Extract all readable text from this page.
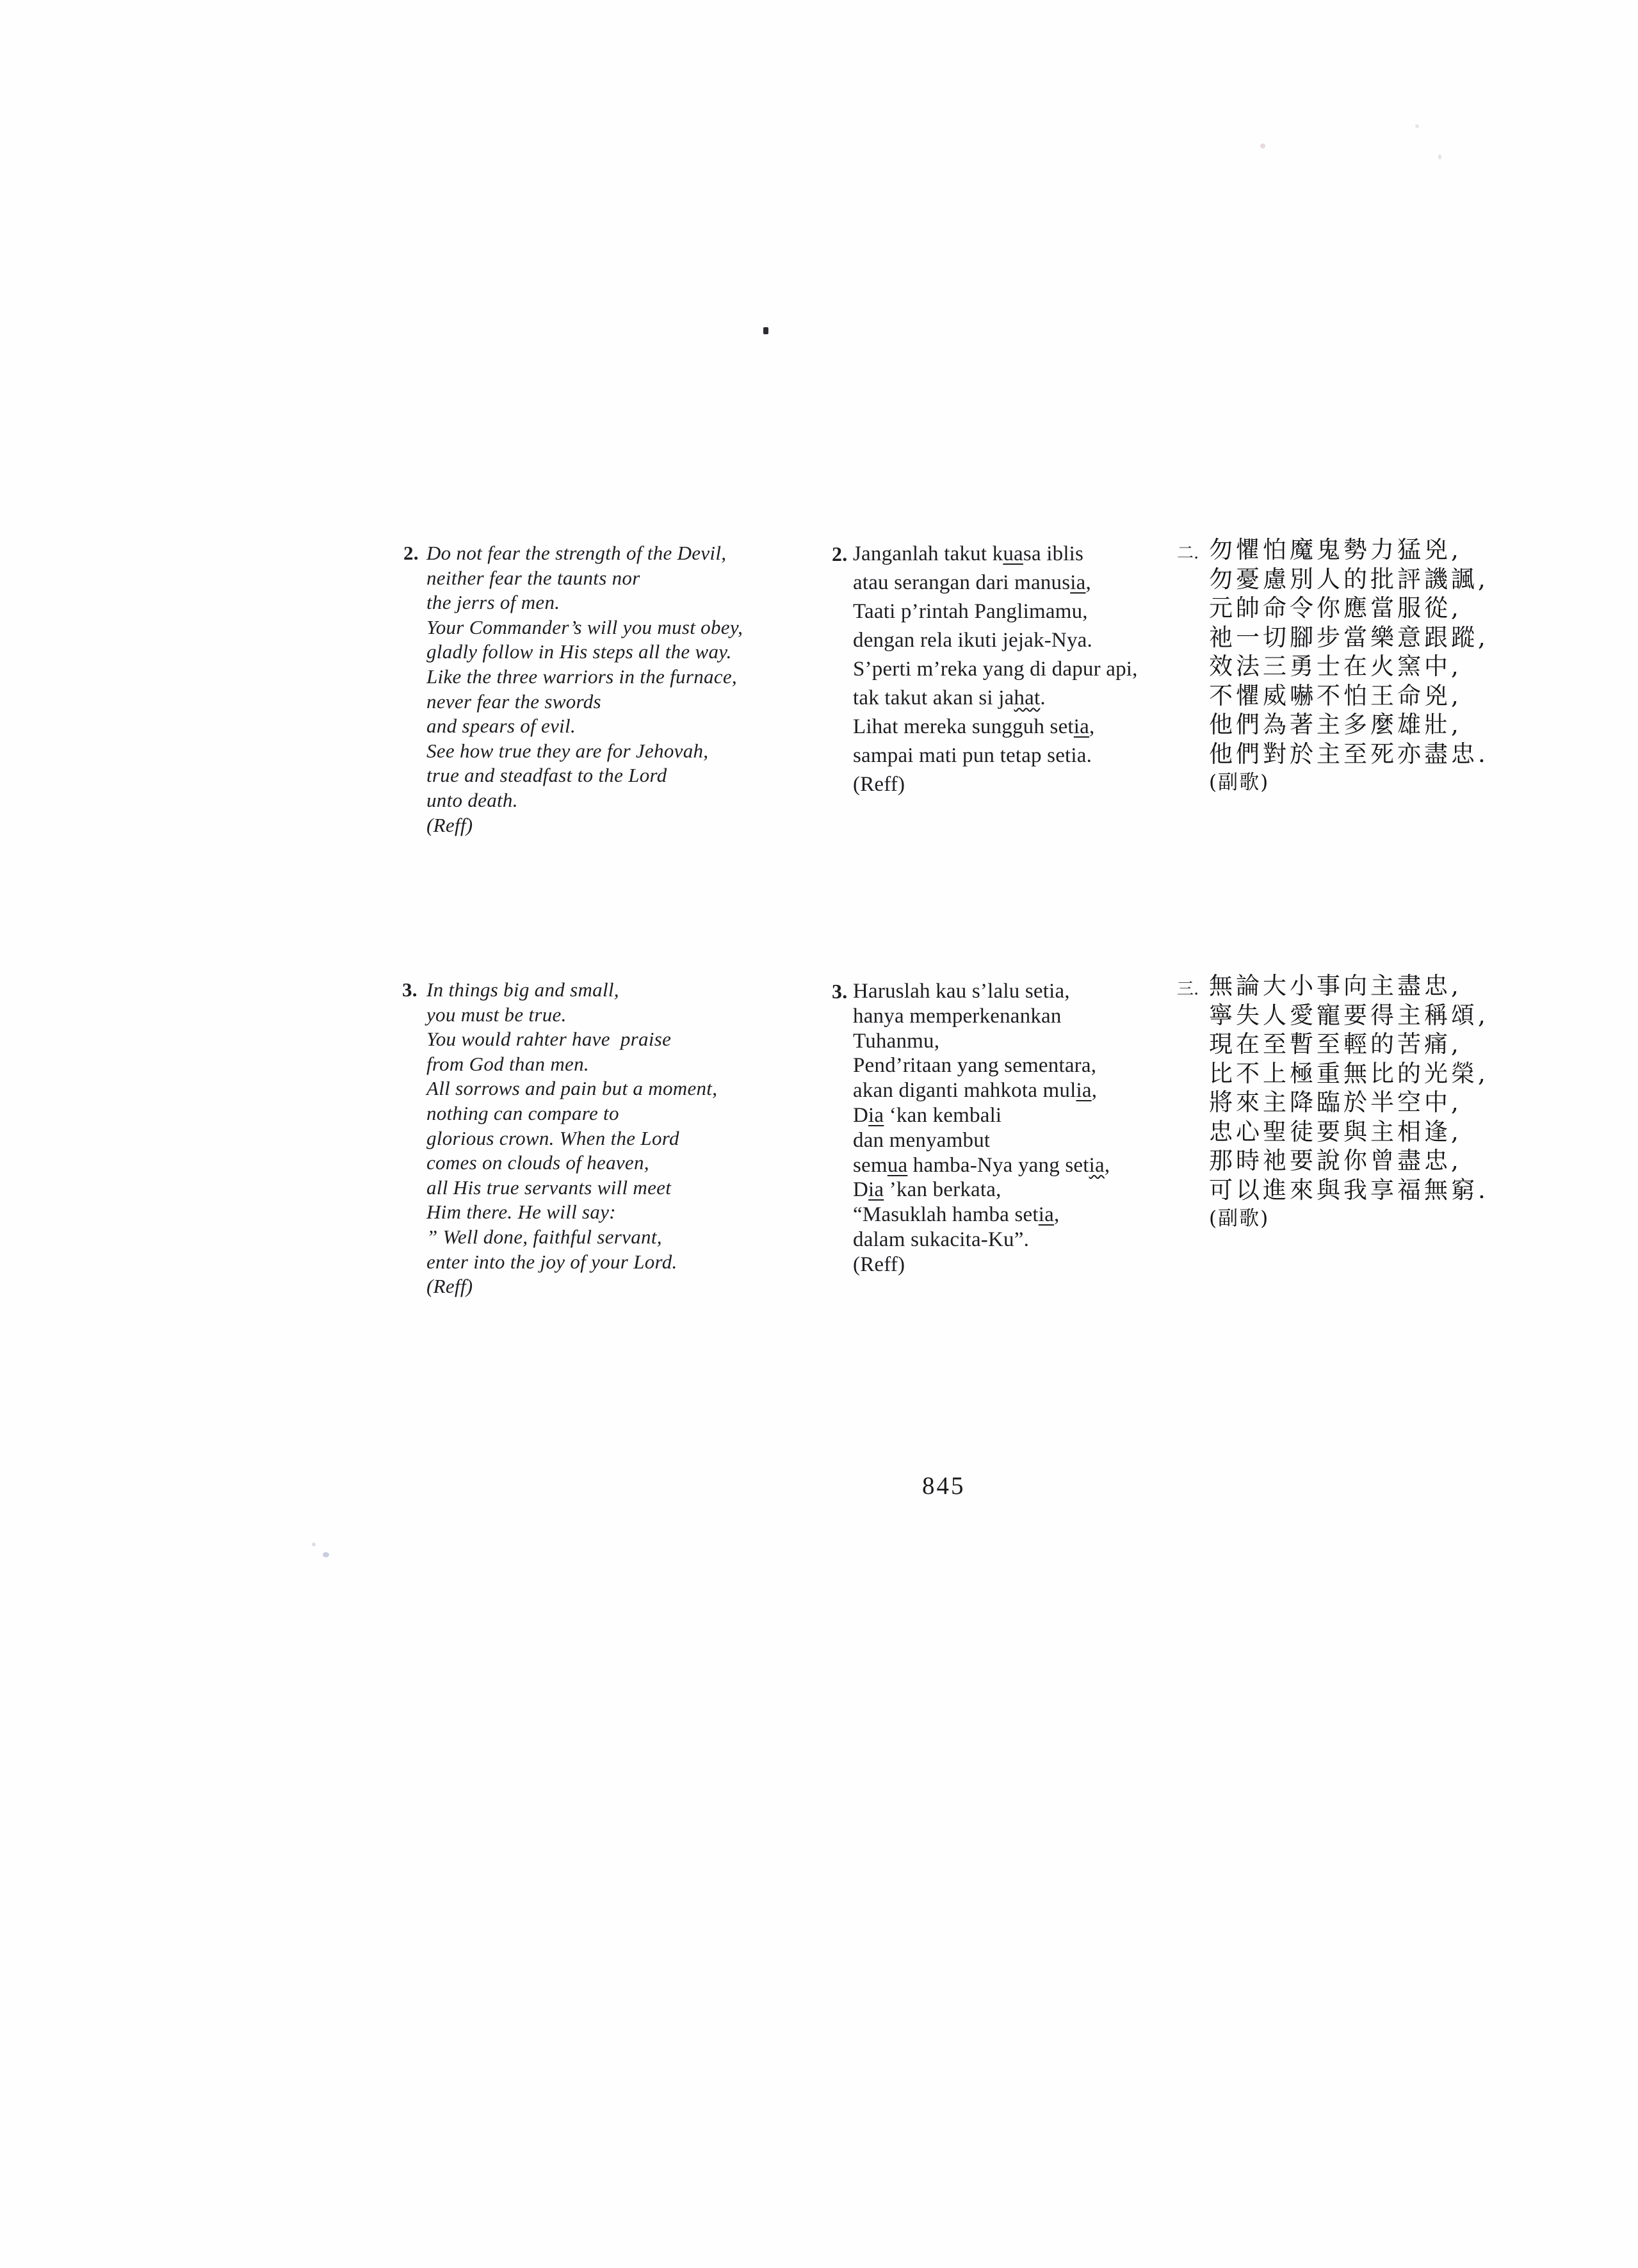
2. Do not fear the strength of the Devil,
neither fear the taunts nor
the jerrs of men.
Your Commander’s will you must obey,
gladly follow in His steps all the way.
Like the three warriors in the furnace,
never fear the swords
and spears of evil.
See how true they are for Jehovah,
true and steadfast to the Lord
unto death.
(Reff)
2. Janganlah takut kuasa iblis
atau serangan dari manusia,
Taati p’rintah Panglimamu,
dengan rela ikuti jejak-Nya.
S’perti m’reka yang di dapur api,
tak takut akan si jahat.
Lihat mereka sungguh setia,
sampai mati pun tetap setia.
(Reff)
二. 勿懼怕魔鬼勢力猛兇,
勿憂慮別人的批評譏諷,
元帥命令你應當服從,
祂一切腳步當樂意跟蹤,
效法三勇士在火窯中,
不懼威嚇不怕王命兇,
他們為著主多麼雄壯,
他們對於主至死亦盡忠.
(副歌)
3. In things big and small,
you must be true.
You would rahter have  praise
from God than men.
All sorrows and pain but a moment,
nothing can compare to
glorious crown. When the Lord
comes on clouds of heaven,
all His true servants will meet
Him there. He will say:
” Well done, faithful servant,
enter into the joy of your Lord.
(Reff)
3. Haruslah kau s’lalu setia,
hanya memperkenankan
Tuhanmu,
Pend’ritaan yang sementara,
akan diganti mahkota mulia,
Dia ‘kan kembali
dan menyambut
semua hamba-Nya yang setia,
Dia ’kan berkata,
“Masuklah hamba setia,
dalam sukacita-Ku”.
(Reff)
三. 無論大小事向主盡忠,
寧失人愛寵要得主稱頌,
現在至暫至輕的苦痛,
比不上極重無比的光榮,
將來主降臨於半空中,
忠心聖徒要與主相逢,
那時祂要說你曾盡忠,
可以進來與我享福無窮.
(副歌)
845
